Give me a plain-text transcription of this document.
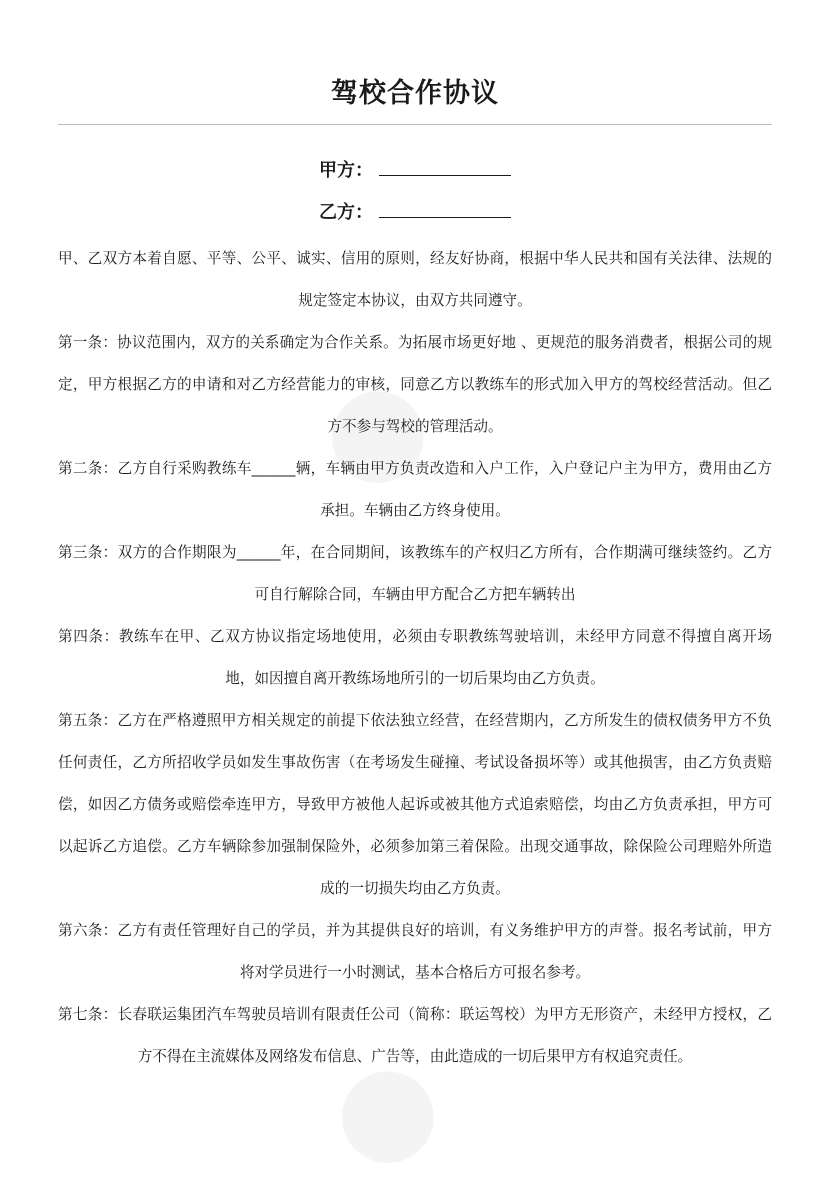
驾校合作协议
甲方：
乙方：

甲、乙双方本着自愿、平等、公平、诚实、信用的原则，经友好协商，根据中华人民共和国有关法律、法规的规定签定本协议，由双方共同遵守。

第一条：协议范围内，双方的关系确定为合作关系。为拓展市场更好地 、更规范的服务消费者，根据公司的规定，甲方根据乙方的申请和对乙方经营能力的审核，同意乙方以教练车的形式加入甲方的驾校经营活动。但乙方不参与驾校的管理活动。

第二条：乙方自行采购教练车______辆，车辆由甲方负责改造和入户工作，入户登记户主为甲方，费用由乙方承担。车辆由乙方终身使用。

第三条：双方的合作期限为______年，在合同期间，该教练车的产权归乙方所有，合作期满可继续签约。乙方可自行解除合同，车辆由甲方配合乙方把车辆转出

第四条：教练车在甲、乙双方协议指定场地使用，必须由专职教练驾驶培训，未经甲方同意不得擅自离开场地，如因擅自离开教练场地所引的一切后果均由乙方负责。

第五条：乙方在严格遵照甲方相关规定的前提下依法独立经营，在经营期内，乙方所发生的债权债务甲方不负任何责任，乙方所招收学员如发生事故伤害（在考场发生碰撞、考试设备损坏等）或其他损害，由乙方负责赔偿，如因乙方债务或赔偿牵连甲方，导致甲方被他人起诉或被其他方式追索赔偿，均由乙方负责承担，甲方可以起诉乙方追偿。乙方车辆除参加强制保险外，必须参加第三着保险。出现交通事故，除保险公司理赔外所造成的一切损失均由乙方负责。

第六条：乙方有责任管理好自己的学员，并为其提供良好的培训，有义务维护甲方的声誉。报名考试前，甲方将对学员进行一小时测试，基本合格后方可报名参考。

第七条：长春联运集团汽车驾驶员培训有限责任公司（简称：联运驾校）为甲方无形资产，未经甲方授权，乙方不得在主流媒体及网络发布信息、广告等，由此造成的一切后果甲方有权追究责任。
